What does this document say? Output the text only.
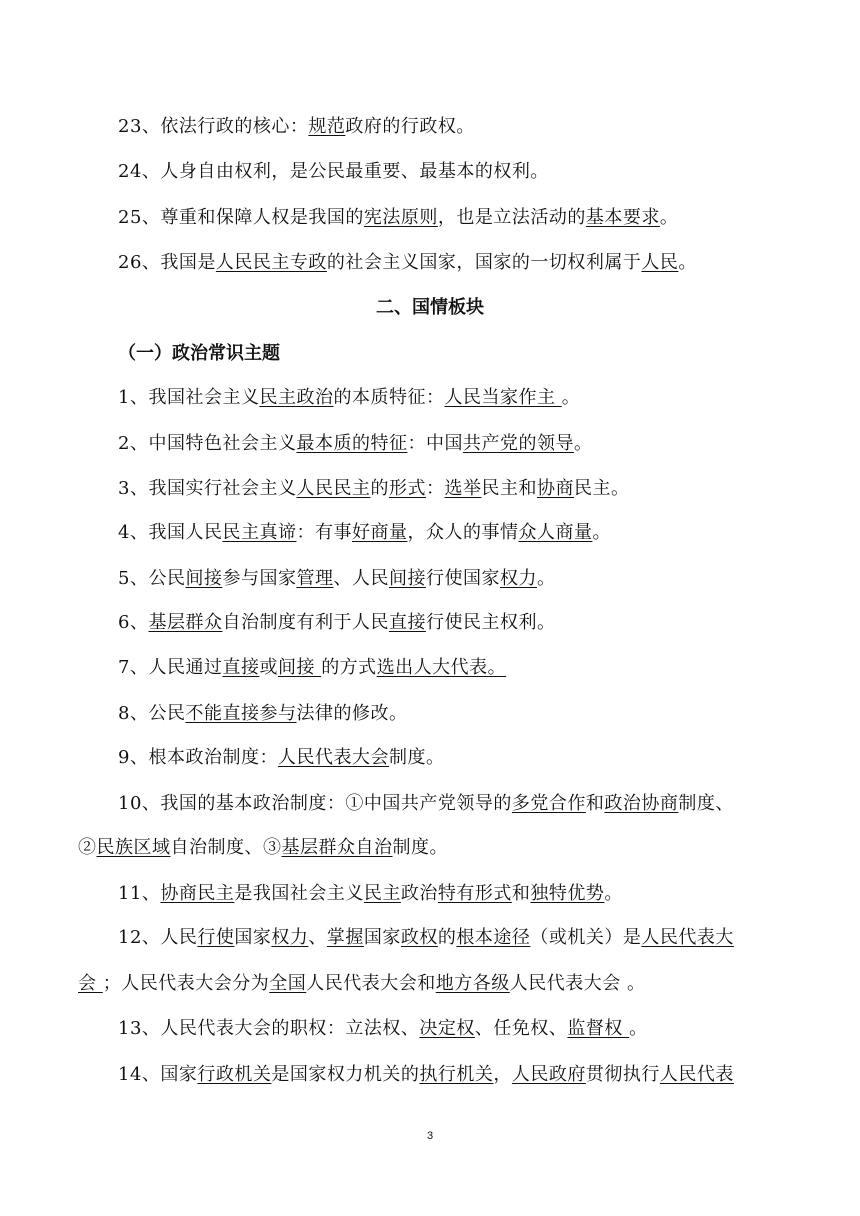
23、依法行政的核心：规范政府的行政权。
24、人身自由权利，是公民最重要、最基本的权利。
25、尊重和保障人权是我国的宪法原则，也是立法活动的基本要求。
26、我国是人民民主专政的社会主义国家，国家的一切权利属于人民。
二、国情板块
（一）政治常识主题
1、我国社会主义民主政治的本质特征：人民当家作主 。
2、中国特色社会主义最本质的特征：中国共产党的领导。
3、我国实行社会主义人民民主的形式：选举民主和协商民主。
4、我国人民民主真谛：有事好商量，众人的事情众人商量。
5、公民间接参与国家管理、人民间接行使国家权力。
6、基层群众自治制度有利于人民直接行使民主权利。
7、人民通过直接或间接 的方式选出人大代表。
8、公民不能直接参与法律的修改。
9、根本政治制度：人民代表大会制度。
10、我国的基本政治制度：①中国共产党领导的多党合作和政治协商制度、
②民族区域自治制度、③基层群众自治制度。
11、协商民主是我国社会主义民主政治特有形式和独特优势。
12、人民行使国家权力、掌握国家政权的根本途径（或机关）是人民代表大
会 ；人民代表大会分为全国人民代表大会和地方各级人民代表大会 。
13、人民代表大会的职权：立法权、决定权、任免权、监督权 。
14、国家行政机关是国家权力机关的执行机关，人民政府贯彻执行人民代表
3
